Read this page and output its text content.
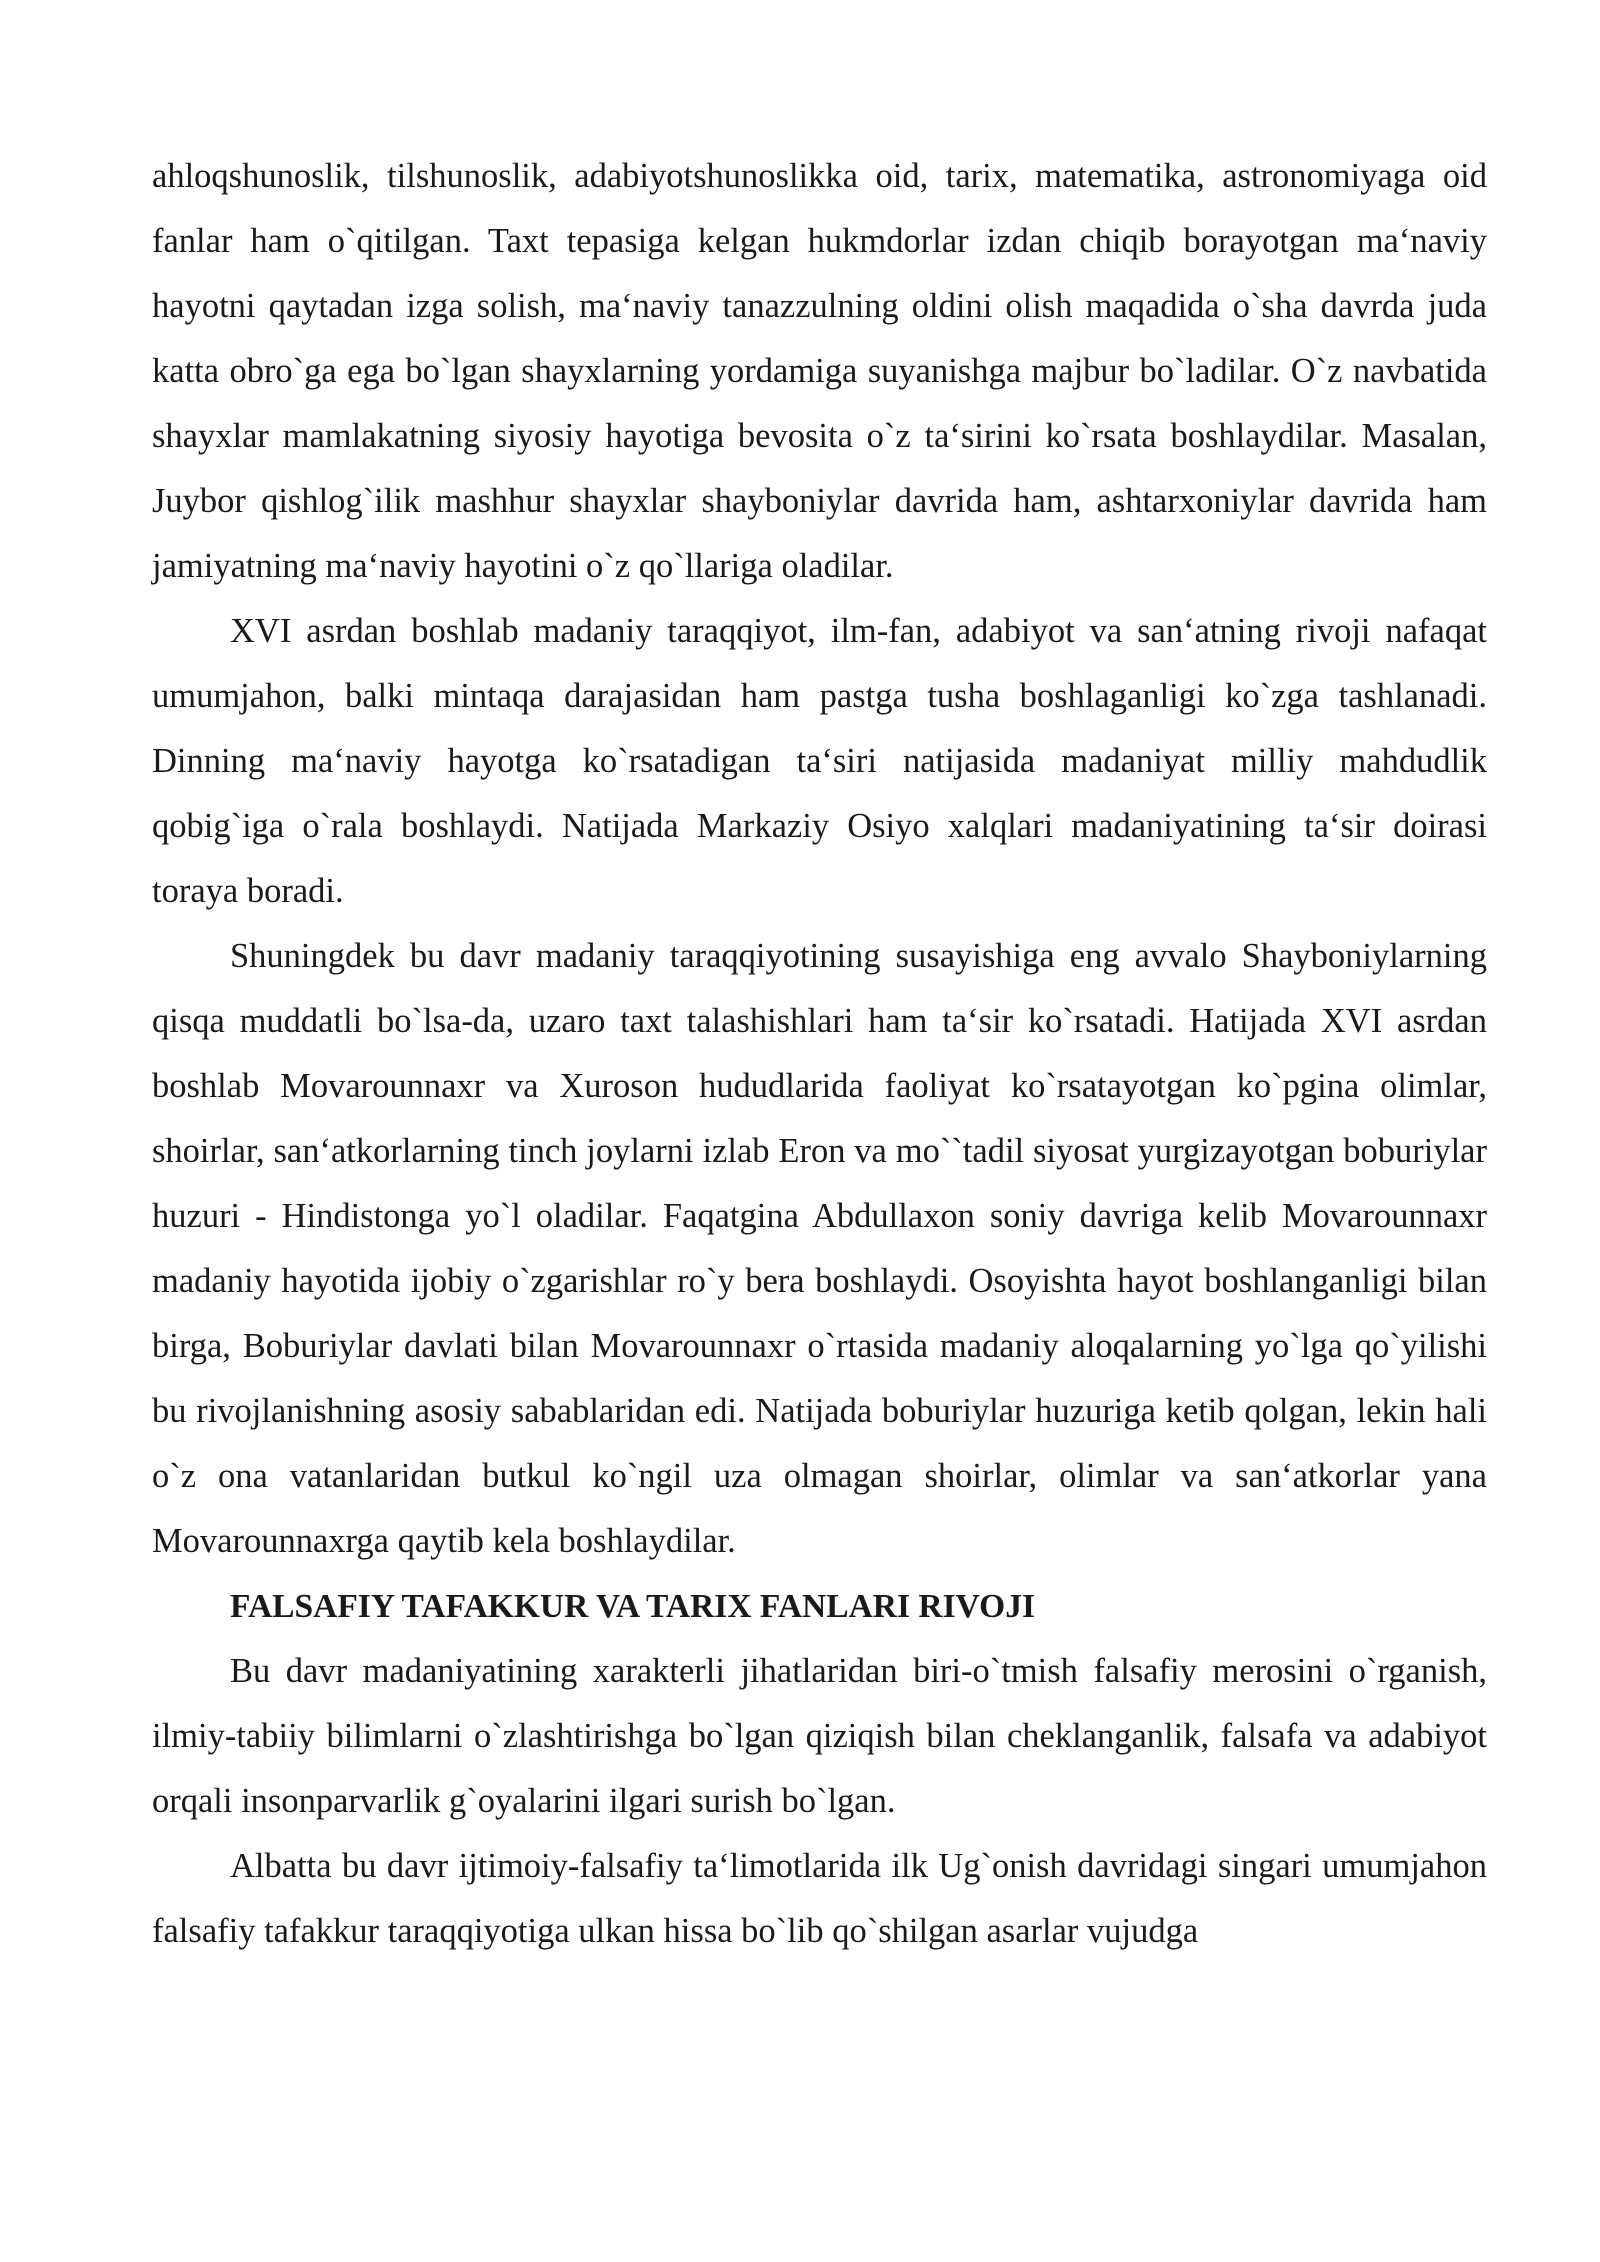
ahloqshunoslik, tilshunoslik, adabiyotshunoslikka oid, tarix, matematika, astronomiyaga oid fanlar ham o`qitilgan. Taxt tepasiga kelgan hukmdorlar izdan chiqib borayotgan ma‘naviy hayotni qaytadan izga solish, ma‘naviy tanazzulning oldini olish maqadida o`sha davrda juda katta obro`ga ega bo`lgan shayxlarning yordamiga suyanishga majbur bo`ladilar. O`z navbatida shayxlar mamlakatning siyosiy hayotiga bevosita o`z ta‘sirini ko`rsata boshlaydilar. Masalan, Juybor qishlog`ilik mashhur shayxlar shayboniylar davrida ham, ashtarxoniylar davrida ham jamiyatning ma‘naviy hayotini o`z qo`llariga oladilar.

XVI asrdan boshlab madaniy taraqqiyot, ilm-fan, adabiyot va san‘atning rivoji nafaqat umumjahon, balki mintaqa darajasidan ham pastga tusha boshlaganligi ko`zga tashlanadi. Dinning ma‘naviy hayotga ko`rsatadigan ta‘siri natijasida madaniyat milliy mahdudlik qobig`iga o`rala boshlaydi. Natijada Markaziy Osiyo xalqlari madaniyatining ta‘sir doirasi toraya boradi.

Shuningdek bu davr madaniy taraqqiyotining susayishiga eng avvalo Shayboniylarning qisqa muddatli bo`lsa-da, uzaro taxt talashishlari ham ta‘sir ko`rsatadi. Hatijada XVI asrdan boshlab Movarounnaxr va Xuroson hududlarida faoliyat ko`rsatayotgan ko`pgina olimlar, shoirlar, san‘atkorlarning tinch joylarni izlab Eron va mo``tadil siyosat yurgizayotgan boburiylar huzuri - Hindistonga yo`l oladilar. Faqatgina Abdullaxon soniy davriga kelib Movarounnaxr madaniy hayotida ijobiy o`zgarishlar ro`y bera boshlaydi. Osoyishta hayot boshlanganligi bilan birga, Boburiylar davlati bilan Movarounnaxr o`rtasida madaniy aloqalarning yo`lga qo`yilishi bu rivojlanishning asosiy sabablaridan edi. Natijada boburiylar huzuriga ketib qolgan, lekin hali o`z ona vatanlaridan butkul ko`ngil uza olmagan shoirlar, olimlar va san‘atkorlar yana Movarounnaxrga qaytib kela boshlaydilar.

FALSAFIY TAFAKKUR VA TARIX FANLARI RIVOJI

Bu davr madaniyatining xarakterli jihatlaridan biri-o`tmish falsafiy merosini o`rganish, ilmiy-tabiiy bilimlarni o`zlashtirishga bo`lgan qiziqish bilan cheklanganlik, falsafa va adabiyot orqali insonparvarlik g`oyalarini ilgari surish bo`lgan.

Albatta bu davr ijtimoiy-falsafiy ta‘limotlarida ilk Ug`onish davridagi singari umumjahon falsafiy tafakkur taraqqiyotiga ulkan hissa bo`lib qo`shilgan asarlar vujudga
